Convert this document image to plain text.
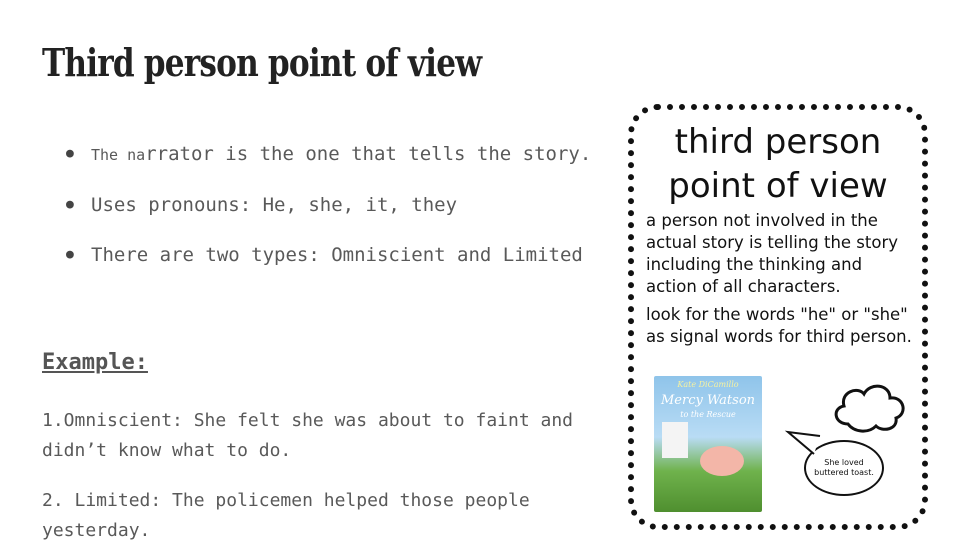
Third person point of view
● The narrator is the one that tells the story.
● Uses pronouns: He, she, it, they
● There are two types: Omniscient and Limited

Example:

1.Omniscient: She felt she was about to faint and didn’t know what to do.

2. Limited: The policemen helped those people yesterday.

third person
point of view

a person not involved in the actual story is telling the story including the thinking and action of all characters.

look for the words "he" or "she" as signal words for third person.

Kate DiCamillo
Mercy Watson
to the Rescue
She loved buttered toast.
